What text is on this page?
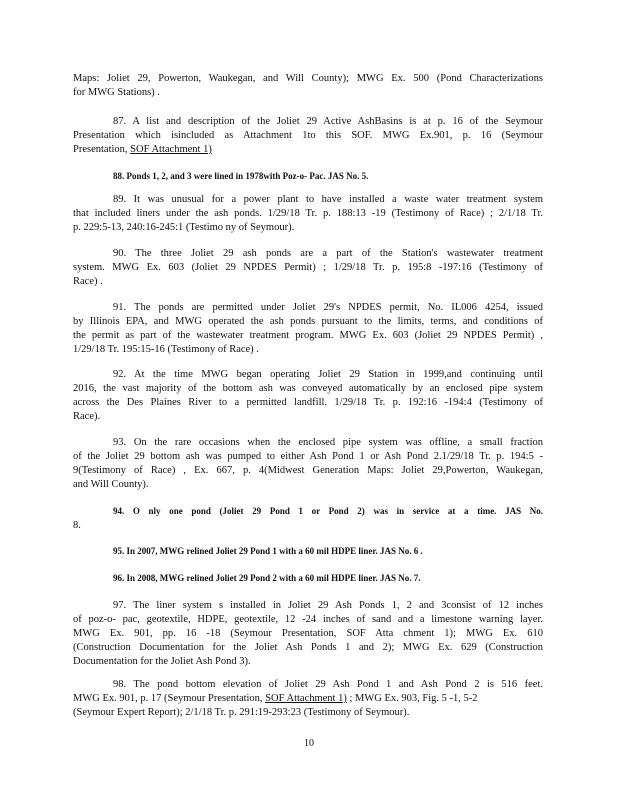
Maps: Joliet 29, Powerton, Waukegan, and Will County); MWG Ex. 500 (Pond Characterizations
for MWG Stations) .
87. A list and description of the Joliet 29 Active AshBasins is at p. 16 of the Seymour
Presentation which isincluded as Attachment 1to this SOF. MWG Ex.901, p. 16 (Seymour
Presentation, SOF Attachment 1)
88. Ponds 1, 2, and 3 were lined in 1978with Poz-o- Pac. JAS No. 5.
89. It was unusual for a power plant to have installed a waste water treatment system
that included liners under the ash ponds. 1/29/18 Tr. p. 188:13 -19 (Testimony of Race) ; 2/1/18 Tr.
p. 229:5-13, 240:16-245:1 (Testimo ny of Seymour).
90. The three Joliet 29 ash ponds are a part of the Station's wastewater treatment
system. MWG Ex. 603 (Joliet 29 NPDES Permit) ; 1/29/18 Tr. p. 195:8 -197:16 (Testimony of
Race) .
91. The ponds are permitted under Joliet 29's NPDES permit, No. IL006 4254, issued
by Illinois EPA, and MWG operated the ash ponds pursuant to the limits, terms, and conditions of
the permit as part of the wastewater treatment program. MWG Ex. 603 (Joliet 29 NPDES Permit) ,
1/29/18 Tr. 195:15-16 (Testimony of Race) .
92. At the time MWG began operating Joliet 29 Station in 1999,and continuing until
2016, the vast majority of the bottom ash was conveyed automatically by an enclosed pipe system
across the Des Plaines River to a permitted landfill. 1/29/18 Tr. p. 192:16 -194:4 (Testimony of
Race).
93. On the rare occasions when the enclosed pipe system was offline, a small fraction
of the Joliet 29 bottom ash was pumped to either Ash Pond 1 or Ash Pond 2.1/29/18 Tr. p. 194:5 -
9(Testimony of Race) , Ex. 667, p. 4(Midwest Generation Maps: Joliet 29,Powerton, Waukegan,
and Will County).
94. O nly one pond (Joliet 29 Pond 1 or Pond 2) was in service at a time. JAS No.
8.
95. In 2007, MWG relined Joliet 29 Pond 1 with a 60 mil HDPE liner. JAS No. 6 .
96. In 2008, MWG relined Joliet 29 Pond 2 with a 60 mil HDPE liner. JAS No. 7.
97. The liner system s installed in Joliet 29 Ash Ponds 1, 2 and 3consist of 12 inches
of poz-o- pac, geotextile, HDPE, geotextile, 12 -24 inches of sand and a limestone warning layer.
MWG Ex. 901, pp. 16 -18 (Seymour Presentation, SOF Atta chment 1); MWG Ex. 610
(Construction Documentation for the Joliet Ash Ponds 1 and 2); MWG Ex. 629 (Construction
Documentation for the Joliet Ash Pond 3).
98. The pond bottom elevation of Joliet 29 Ash Pond 1 and Ash Pond 2 is 516 feet.
MWG Ex. 901, p. 17 (Seymour Presentation, SOF Attachment 1) ; MWG Ex. 903, Fig. 5 -1, 5-2
(Seymour Expert Report); 2/1/18 Tr. p. 291:19-293:23 (Testimony of Seymour).
10
